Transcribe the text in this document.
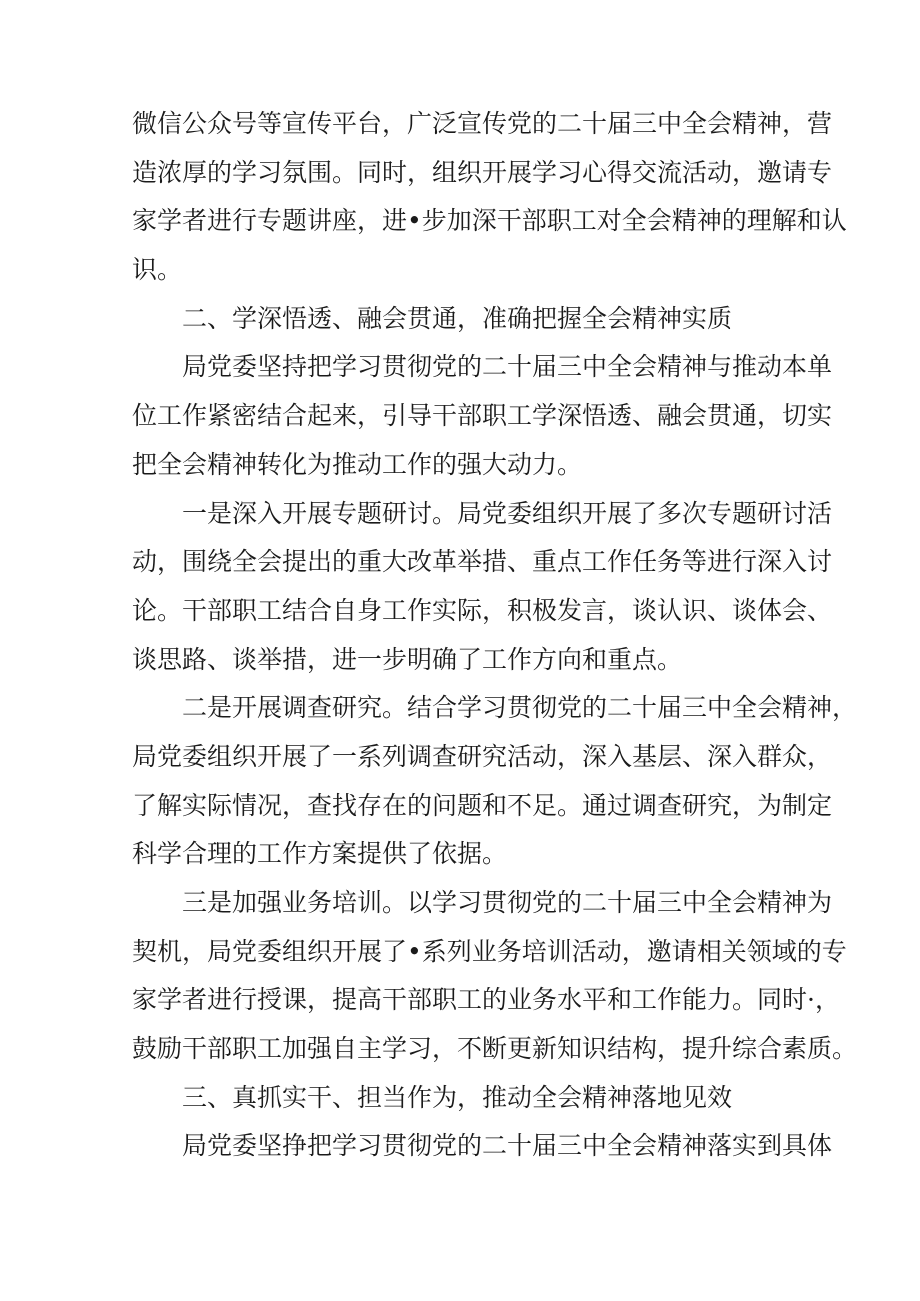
微信公众号等宣传平台，广泛宣传党的二十届三中全会精神，营
造浓厚的学习氛围。同时，组织开展学习心得交流活动，邀请专
家学者进行专题讲座，进•步加深干部职工对全会精神的理解和认
识。
二、学深悟透、融会贯通，准确把握全会精神实质
局党委坚持把学习贯彻党的二十届三中全会精神与推动本单
位工作紧密结合起来，引导干部职工学深悟透、融会贯通，切实
把全会精神转化为推动工作的强大动力。
一是深入开展专题研讨。局党委组织开展了多次专题研讨活
动，围绕全会提出的重大改革举措、重点工作任务等进行深入讨
论。干部职工结合自身工作实际，积极发言，谈认识、谈体会、
谈思路、谈举措，进一步明确了工作方向和重点。
二是开展调查研究。结合学习贯彻党的二十届三中全会精神，
局党委组织开展了一系列调查研究活动，深入基层、深入群众，
了解实际情况，查找存在的问题和不足。通过调查研究，为制定
科学合理的工作方案提供了依据。
三是加强业务培训。以学习贯彻党的二十届三中全会精神为
契机，局党委组织开展了•系列业务培训活动，邀请相关领域的专
家学者进行授课，提高干部职工的业务水平和工作能力。同时·，
鼓励干部职工加强自主学习，不断更新知识结构，提升综合素质。
三、真抓实干、担当作为，推动全会精神落地见效
局党委坚挣把学习贯彻党的二十届三中全会精神落实到具体
